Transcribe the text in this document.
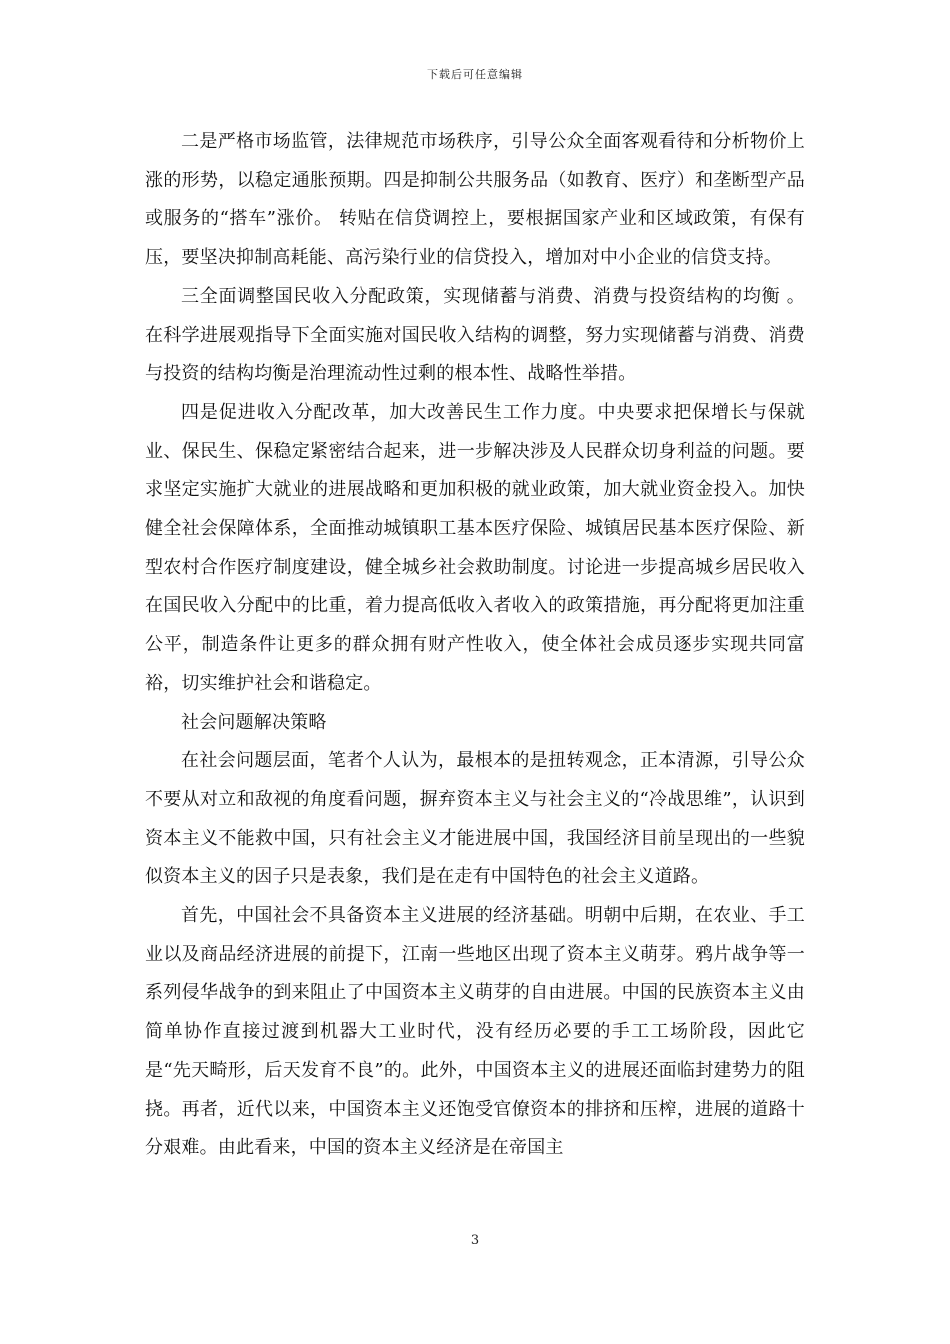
下载后可任意编辑

二是严格市场监管，法律规范市场秩序，引导公众全面客观看待和分析物价上涨的形势，以稳定通胀预期。四是抑制公共服务品（如教育、医疗）和垄断型产品或服务的“搭车”涨价。 转贴在信贷调控上，要根据国家产业和区域政策，有保有压，要坚决抑制高耗能、高污染行业的信贷投入，增加对中小企业的信贷支持。

三全面调整国民收入分配政策，实现储蓄与消费、消费与投资结构的均衡 。在科学进展观指导下全面实施对国民收入结构的调整，努力实现储蓄与消费、消费与投资的结构均衡是治理流动性过剩的根本性、战略性举措。

四是促进收入分配改革，加大改善民生工作力度。中央要求把保增长与保就业、保民生、保稳定紧密结合起来，进一步解决涉及人民群众切身利益的问题。要求坚定实施扩大就业的进展战略和更加积极的就业政策，加大就业资金投入。加快健全社会保障体系，全面推动城镇职工基本医疗保险、城镇居民基本医疗保险、新型农村合作医疗制度建设，健全城乡社会救助制度。讨论进一步提高城乡居民收入在国民收入分配中的比重，着力提高低收入者收入的政策措施，再分配将更加注重公平，制造条件让更多的群众拥有财产性收入，使全体社会成员逐步实现共同富裕，切实维护社会和谐稳定。

社会问题解决策略

在社会问题层面，笔者个人认为，最根本的是扭转观念，正本清源，引导公众不要从对立和敌视的角度看问题，摒弃资本主义与社会主义的“冷战思维”，认识到资本主义不能救中国，只有社会主义才能进展中国，我国经济目前呈现出的一些貌似资本主义的因子只是表象，我们是在走有中国特色的社会主义道路。

首先，中国社会不具备资本主义进展的经济基础。明朝中后期，在农业、手工业以及商品经济进展的前提下，江南一些地区出现了资本主义萌芽。鸦片战争等一系列侵华战争的到来阻止了中国资本主义萌芽的自由进展。中国的民族资本主义由简单协作直接过渡到机器大工业时代，没有经历必要的手工工场阶段，因此它是“先天畸形，后天发育不良”的。此外，中国资本主义的进展还面临封建势力的阻挠。再者，近代以来，中国资本主义还饱受官僚资本的排挤和压榨，进展的道路十分艰难。由此看来，中国的资本主义经济是在帝国主

3
